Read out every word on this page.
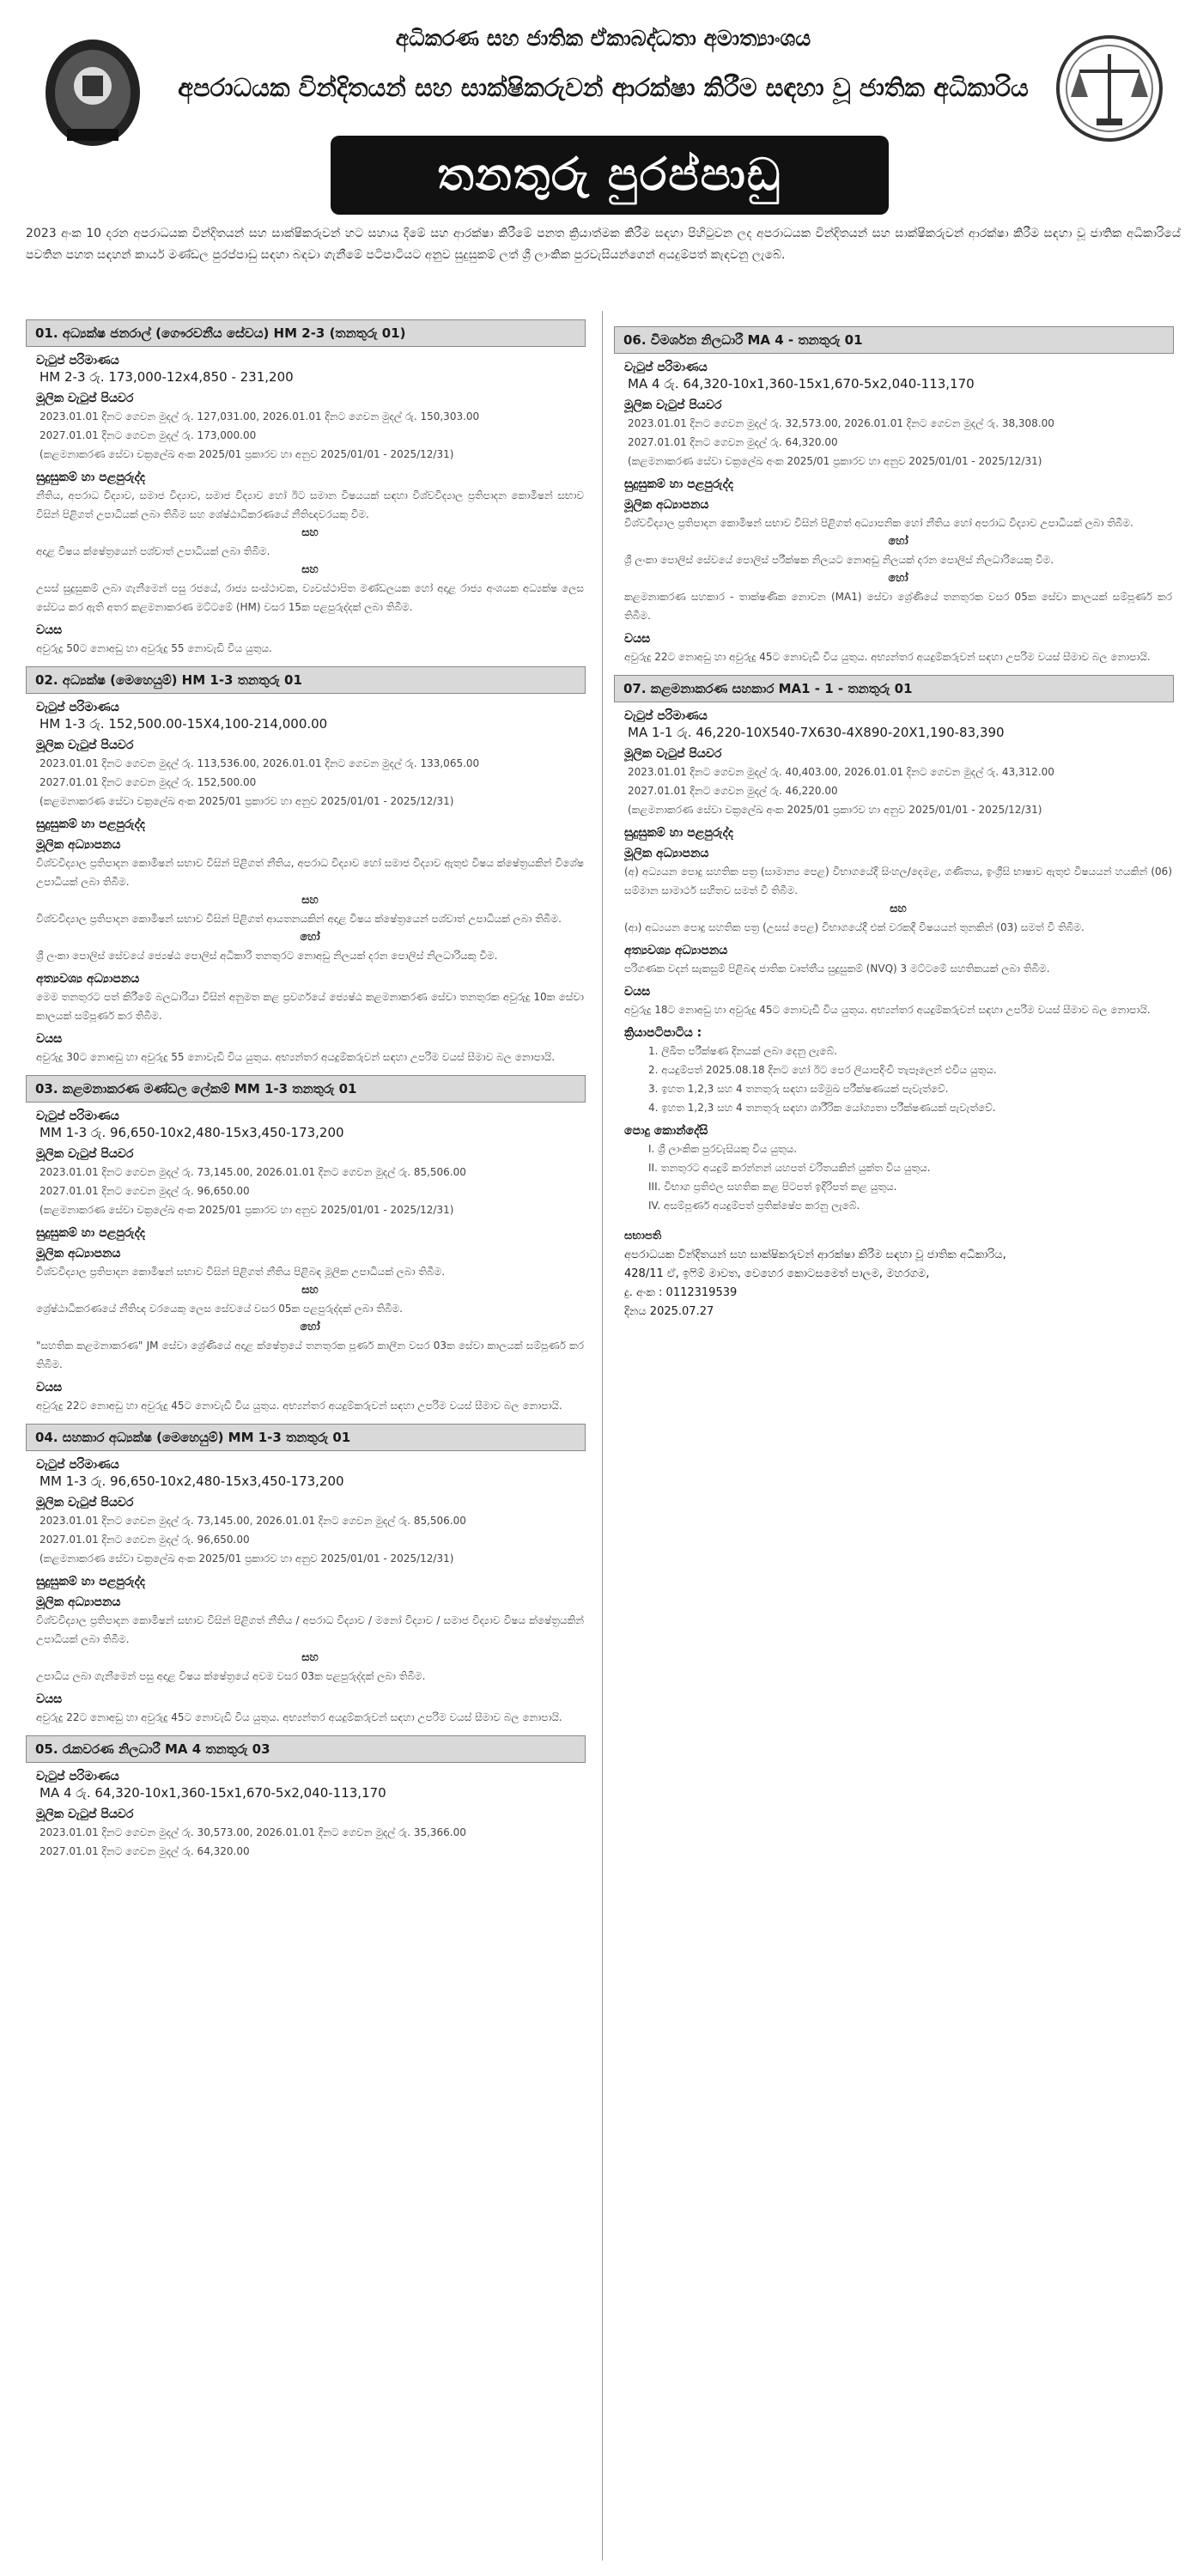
අධිකරණ සහ ජාතික ඒකාබද්ධතා අමාත්‍යාංශය
අපරාධයක වින්දිතයන් සහ සාක්ෂිකරුවන් ආරක්ෂා කිරීම සඳහා වූ ජාතික අධිකාරිය
තනතුරු පුරප්පාඩු
2023 අංක 10 දරන අපරාධයක වින්දිතයන් සහ සාක්ෂිකරුවන් හට සහාය දීමේ සහ ආරක්ෂා කිරීමේ පනත ක්‍රියාත්මක කිරීම සඳහා පිහිටුවන ලද අපරාධයක වින්දිතයන් සහ සාක්ෂිකරුවන් ආරක්ෂා කිරීම සඳහා වූ ජාතික අධිකාරියේ පවතින පහත සඳහන් කාර්ය මණ්ඩල පුරප්පාඩු සඳහා බඳවා ගැනීමේ පටිපාටියට අනුව සුදුසුකම් ලත් ශ්‍රී ලාංකික පුරවැසියන්ගෙන් අයදුම්පත් කැඳවනු ලැබේ.
01. අධ්‍යක්ෂ ජනරාල් (ගෞරවනීය සේවය) HM 2-3 (තනතුරු 01)
වැටුප් පරිමාණය
HM 2-3 රු. 173,000-12x4,850 - 231,200
මූලික වැටුප් පියවර
2023.01.01 දිනට ගෙවන මුදල් රු. 127,031.00, 2026.01.01 දිනට ගෙවන මුදල් රු. 150,303.00
2027.01.01 දිනට ගෙවන මුදල් රු. 173,000.00
(කළමනාකරණ සේවා චක්‍රලේඛ අංක 2025/01 ප්‍රකාරව හා අනුව 2025/01/01 - 2025/12/31)
සුදුසුකම් හා පළපුරුද්ද
නීතිය, අපරාධ විද්‍යාව, සමාජ විද්‍යාව, සමාජ විද්‍යාව හෝ ඊට සමාන විෂයයක් සඳහා විශ්වවිද්‍යාල ප්‍රතිපාදන කොමිෂන් සභාව විසින් පිළිගත් උපාධියක් ලබා තිබීම සහ ශේෂ්ඨාධිකරණයේ නීතිඥවරයකු වීම.
සහ
අදාළ විෂය ක්ෂේත්‍රයෙන් පශ්චාත් උපාධියක් ලබා තිබීම.
සහ
උසස් සුදුසුකම් ලබා ගැනීමෙන් පසු රජයේ, රාජ්‍ය සංස්ථාවක, ව්‍යවස්ථාපිත මණ්ඩලයක හෝ අදාළ රාජ්‍ය අංශයක අධ්‍යක්ෂ ලෙස සේවය කර ඇති අතර කළමනාකරණ මට්ටමේ (HM) වසර 15ක පළපුරුද්දක් ලබා තිබීම.
වයස
අවුරුදු 50ට නොඅඩු හා අවුරුදු 55 නොවැඩි විය යුතුය.
02. අධ්‍යක්ෂ (මෙහෙයුම්) HM 1-3 තනතුරු 01
වැටුප් පරිමාණය
HM 1-3 රු. 152,500.00-15X4,100-214,000.00
මූලික වැටුප් පියවර
2023.01.01 දිනට ගෙවන මුදල් රු. 113,536.00, 2026.01.01 දිනට ගෙවන මුදල් රු. 133,065.00
2027.01.01 දිනට ගෙවන මුදල් රු. 152,500.00
(කළමනාකරණ සේවා චක්‍රලේඛ අංක 2025/01 ප්‍රකාරව හා අනුව 2025/01/01 - 2025/12/31)
සුදුසුකම් හා පළපුරුද්ද
මූලික අධ්‍යාපනය
විශ්වවිද්‍යාල ප්‍රතිපාදන කොමිෂන් සභාව විසින් පිළිගත් නීතිය, අපරාධ විද්‍යාව හෝ සමාජ විද්‍යාව ඇතුළු විෂය ක්ෂේත්‍රයකින් විශේෂ උපාධියක් ලබා තිබීම.
සහ
විශ්වවිද්‍යාල ප්‍රතිපාදන කොමිෂන් සභාව විසින් පිළිගත් ආයතනයකින් අදාළ විෂය ක්ෂේත්‍රයෙන් පශ්චාත් උපාධියක් ලබා තිබීම.
හෝ
ශ්‍රී ලංකා පොලිස් සේවයේ ජ්‍යෙෂ්ඨ පොලිස් අධිකාරි තනතුරට නොඅඩු නිලයක් දරන පොලිස් නිලධාරියකු වීම.
අත්‍යවශ්‍ය අධ්‍යාපනය
මෙම තනතුරට පත් කිරීමේ බලධාරියා විසින් අනුමත කළ ප්‍රවර්ගයේ ජ්‍යෙෂ්ඨ කළමනාකරණ සේවා තනතුරක අවුරුදු 10ක සේවා කාලයක් සම්පූර්ණ කර තිබීම.
වයස
අවුරුදු 30ට නොඅඩු හා අවුරුදු 55 නොවැඩි විය යුතුය. අභ්‍යන්තර අයදුම්කරුවන් සඳහා උපරිම වයස් සීමාව බල නොපායි.
03. කළමනාකරණ මණ්ඩල ලේකම් MM 1-3 තනතුරු 01
වැටුප් පරිමාණය
MM 1-3 රු. 96,650-10x2,480-15x3,450-173,200
මූලික වැටුප් පියවර
2023.01.01 දිනට ගෙවන මුදල් රු. 73,145.00, 2026.01.01 දිනට ගෙවන මුදල් රු. 85,506.00
2027.01.01 දිනට ගෙවන මුදල් රු. 96,650.00
(කළමනාකරණ සේවා චක්‍රලේඛ අංක 2025/01 ප්‍රකාරව හා අනුව 2025/01/01 - 2025/12/31)
සුදුසුකම් හා පළපුරුද්ද
මූලික අධ්‍යාපනය
විශ්වවිද්‍යාල ප්‍රතිපාදන කොමිෂන් සභාව විසින් පිළිගත් නීතිය පිළිබඳ මූලික උපාධියක් ලබා තිබීම.
සහ
ශ්‍රේෂ්ඨාධිකරණයේ නීතිඥ වරයෙකු ලෙස සේවයේ වසර 05ක පළපුරුද්දක් ලබා තිබීම.
හෝ
"සහතික කළමනාකරණ" JM සේවා ශ්‍රේණියේ අදාළ ක්ෂේත්‍රයේ තනතුරක පූර්ණ කාලීන වසර 03ක සේවා කාලයක් සම්පූර්ණ කර තිබීම.
වයස
අවුරුදු 22ට නොඅඩු හා අවුරුදු 45ට නොවැඩි විය යුතුය. අභ්‍යන්තර අයදුම්කරුවන් සඳහා උපරිම වයස් සීමාව බල නොපායි.
04. සහකාර අධ්‍යක්ෂ (මෙහෙයුම්) MM 1-3 තනතුරු 01
වැටුප් පරිමාණය
MM 1-3 රු. 96,650-10x2,480-15x3,450-173,200
මූලික වැටුප් පියවර
2023.01.01 දිනට ගෙවන මුදල් රු. 73,145.00, 2026.01.01 දිනට ගෙවන මුදල් රු. 85,506.00
2027.01.01 දිනට ගෙවන මුදල් රු. 96,650.00
(කළමනාකරණ සේවා චක්‍රලේඛ අංක 2025/01 ප්‍රකාරව හා අනුව 2025/01/01 - 2025/12/31)
සුදුසුකම් හා පළපුරුද්ද
මූලික අධ්‍යාපනය
විශ්වවිද්‍යාල ප්‍රතිපාදන කොමිෂන් සභාව විසින් පිළිගත් නීතිය / අපරාධ විද්‍යාව / මනෝ විද්‍යාව / සමාජ විද්‍යාව විෂය ක්ෂේත්‍රයකින් උපාධියක් ලබා තිබීම.
සහ
උපාධිය ලබා ගැනීමෙන් පසු අදාළ විෂය ක්ෂේත්‍රයේ අවම වසර 03ක පළපුරුද්දක් ලබා තිබීම.
වයස
අවුරුදු 22ට නොඅඩු හා අවුරුදු 45ට නොවැඩි විය යුතුය. අභ්‍යන්තර අයදුම්කරුවන් සඳහා උපරිම වයස් සීමාව බල නොපායි.
05. රැකවරණ නිලධාරී MA 4 තනතුරු 03
වැටුප් පරිමාණය
MA 4 රු. 64,320-10x1,360-15x1,670-5x2,040-113,170
මූලික වැටුප් පියවර
2023.01.01 දිනට ගෙවන මුදල් රු. 30,573.00, 2026.01.01 දිනට ගෙවන මුදල් රු. 35,366.00
2027.01.01 දිනට ගෙවන මුදල් රු. 64,320.00
06. විමර්ශන නිලධාරී MA 4 - තනතුරු 01
වැටුප් පරිමාණය
MA 4 රු. 64,320-10x1,360-15x1,670-5x2,040-113,170
මූලික වැටුප් පියවර
2023.01.01 දිනට ගෙවන මුදල් රු. 32,573.00, 2026.01.01 දිනට ගෙවන මුදල් රු. 38,308.00
2027.01.01 දිනට ගෙවන මුදල් රු. 64,320.00
(කළමනාකරණ සේවා චක්‍රලේඛ අංක 2025/01 ප්‍රකාරව හා අනුව 2025/01/01 - 2025/12/31)
සුදුසුකම් හා පළපුරුද්ද
මූලික අධ්‍යාපනය
විශ්වවිද්‍යාල ප්‍රතිපාදන කොමිෂන් සභාව විසින් පිළිගත් අධ්‍යාපනික හෝ නීතිය හෝ අපරාධ විද්‍යාව උපාධියක් ලබා තිබීම.
හෝ
ශ්‍රී ලංකා පොලිස් සේවයේ පොලිස් පරීක්ෂක නිලයට නොඅඩු නිලයක් දරන පොලිස් නිලධාරියෙකු වීම.
හෝ
කළමනාකරණ සහකාර - තාක්ෂණික නොවන (MA1) සේවා ශ්‍රේණියේ තනතුරක වසර 05ක සේවා කාලයක් සම්පූර්ණ කර තිබීම.
වයස
අවුරුදු 22ට නොඅඩු හා අවුරුදු 45ට නොවැඩි විය යුතුය. අභ්‍යන්තර අයදුම්කරුවන් සඳහා උපරිම වයස් සීමාව බල නොපායි.
07. කළමනාකරණ සහකාර MA1 - 1 - තනතුරු 01
වැටුප් පරිමාණය
MA 1-1 රු. 46,220-10X540-7X630-4X890-20X1,190-83,390
මූලික වැටුප් පියවර
2023.01.01 දිනට ගෙවන මුදල් රු. 40,403.00, 2026.01.01 දිනට ගෙවන මුදල් රු. 43,312.00
2027.01.01 දිනට ගෙවන මුදල් රු. 46,220.00
(කළමනාකරණ සේවා චක්‍රලේඛ අංක 2025/01 ප්‍රකාරව හා අනුව 2025/01/01 - 2025/12/31)
සුදුසුකම් හා පළපුරුද්ද
මූලික අධ්‍යාපනය
(අ) අධ්‍යයන පොදු සහතික පත්‍ර (සාමාන්‍ය පෙළ) විභාගයේදී සිංහල/දෙමළ, ගණිතය, ඉංග්‍රීසි භාෂාව ඇතුළු විෂයයන් හයකින් (06) සම්මාන සාමාර්ථ සහිතව සමත් වී තිබීම.
සහ
(ආ) අධ්‍යයන පොදු සහතික පත්‍ර (උසස් පෙළ) විභාගයේදී එක් වරකදී විෂයයන් තුනකින් (03) සමත් වී තිබීම.
අත්‍යවශ්‍ය අධ්‍යාපනය
පරිගණක වදන් සැකසුම් පිළිබඳ ජාතික වෘත්තීය සුදුසුකම් (NVQ) 3 මට්ටමේ සහතිකයක් ලබා තිබීම.
වයස
අවුරුදු 18ට නොඅඩු හා අවුරුදු 45ට නොවැඩි විය යුතුය. අභ්‍යන්තර අයදුම්කරුවන් සඳහා උපරිම වයස් සීමාව බල නොපායි.
ක්‍රියාපටිපාටිය :
1. ලිඛිත පරීක්ෂණ දිනයක් ලබා දෙනු ලැබේ.
2. අයදුම්පත් 2025.08.18 දිනට හෝ ඊට පෙර ලියාපදිංචි තැපෑලෙන් එවිය යුතුය.
3. ඉහත 1,2,3 සහ 4 තනතුරු සඳහා සම්මුඛ පරීක්ෂණයක් පැවැත්වේ.
4. ඉහත 1,2,3 සහ 4 තනතුරු සඳහා ශාරීරික යෝග්‍යතා පරීක්ෂණයක් පැවැත්වේ.
පොදු කොන්දේසි
I. ශ්‍රී ලාංකික පුරවැසියකු විය යුතුය.
II. තනතුරට අයදුම් කරන්නන් යහපත් චරිතයකින් යුක්ත විය යුතුය.
III. විභාග ප්‍රතිඵල සහතික කළ පිටපත් ඉදිරිපත් කළ යුතුය.
IV. අසම්පූර්ණ අයදුම්පත් ප්‍රතික්ෂේප කරනු ලැබේ.
සභාපති
අපරාධයක වින්දිතයන් සහ සාක්ෂිකරුවන් ආරක්ෂා කිරීම සඳහා වූ ජාතික අධිකාරිය,
428/11 ඒ, ඉෆිම් මාවත, වෙහෙර කොටසමෙත් පාලම, මහරගම,
දු. අංක : 0112319539
දිනය 2025.07.27
